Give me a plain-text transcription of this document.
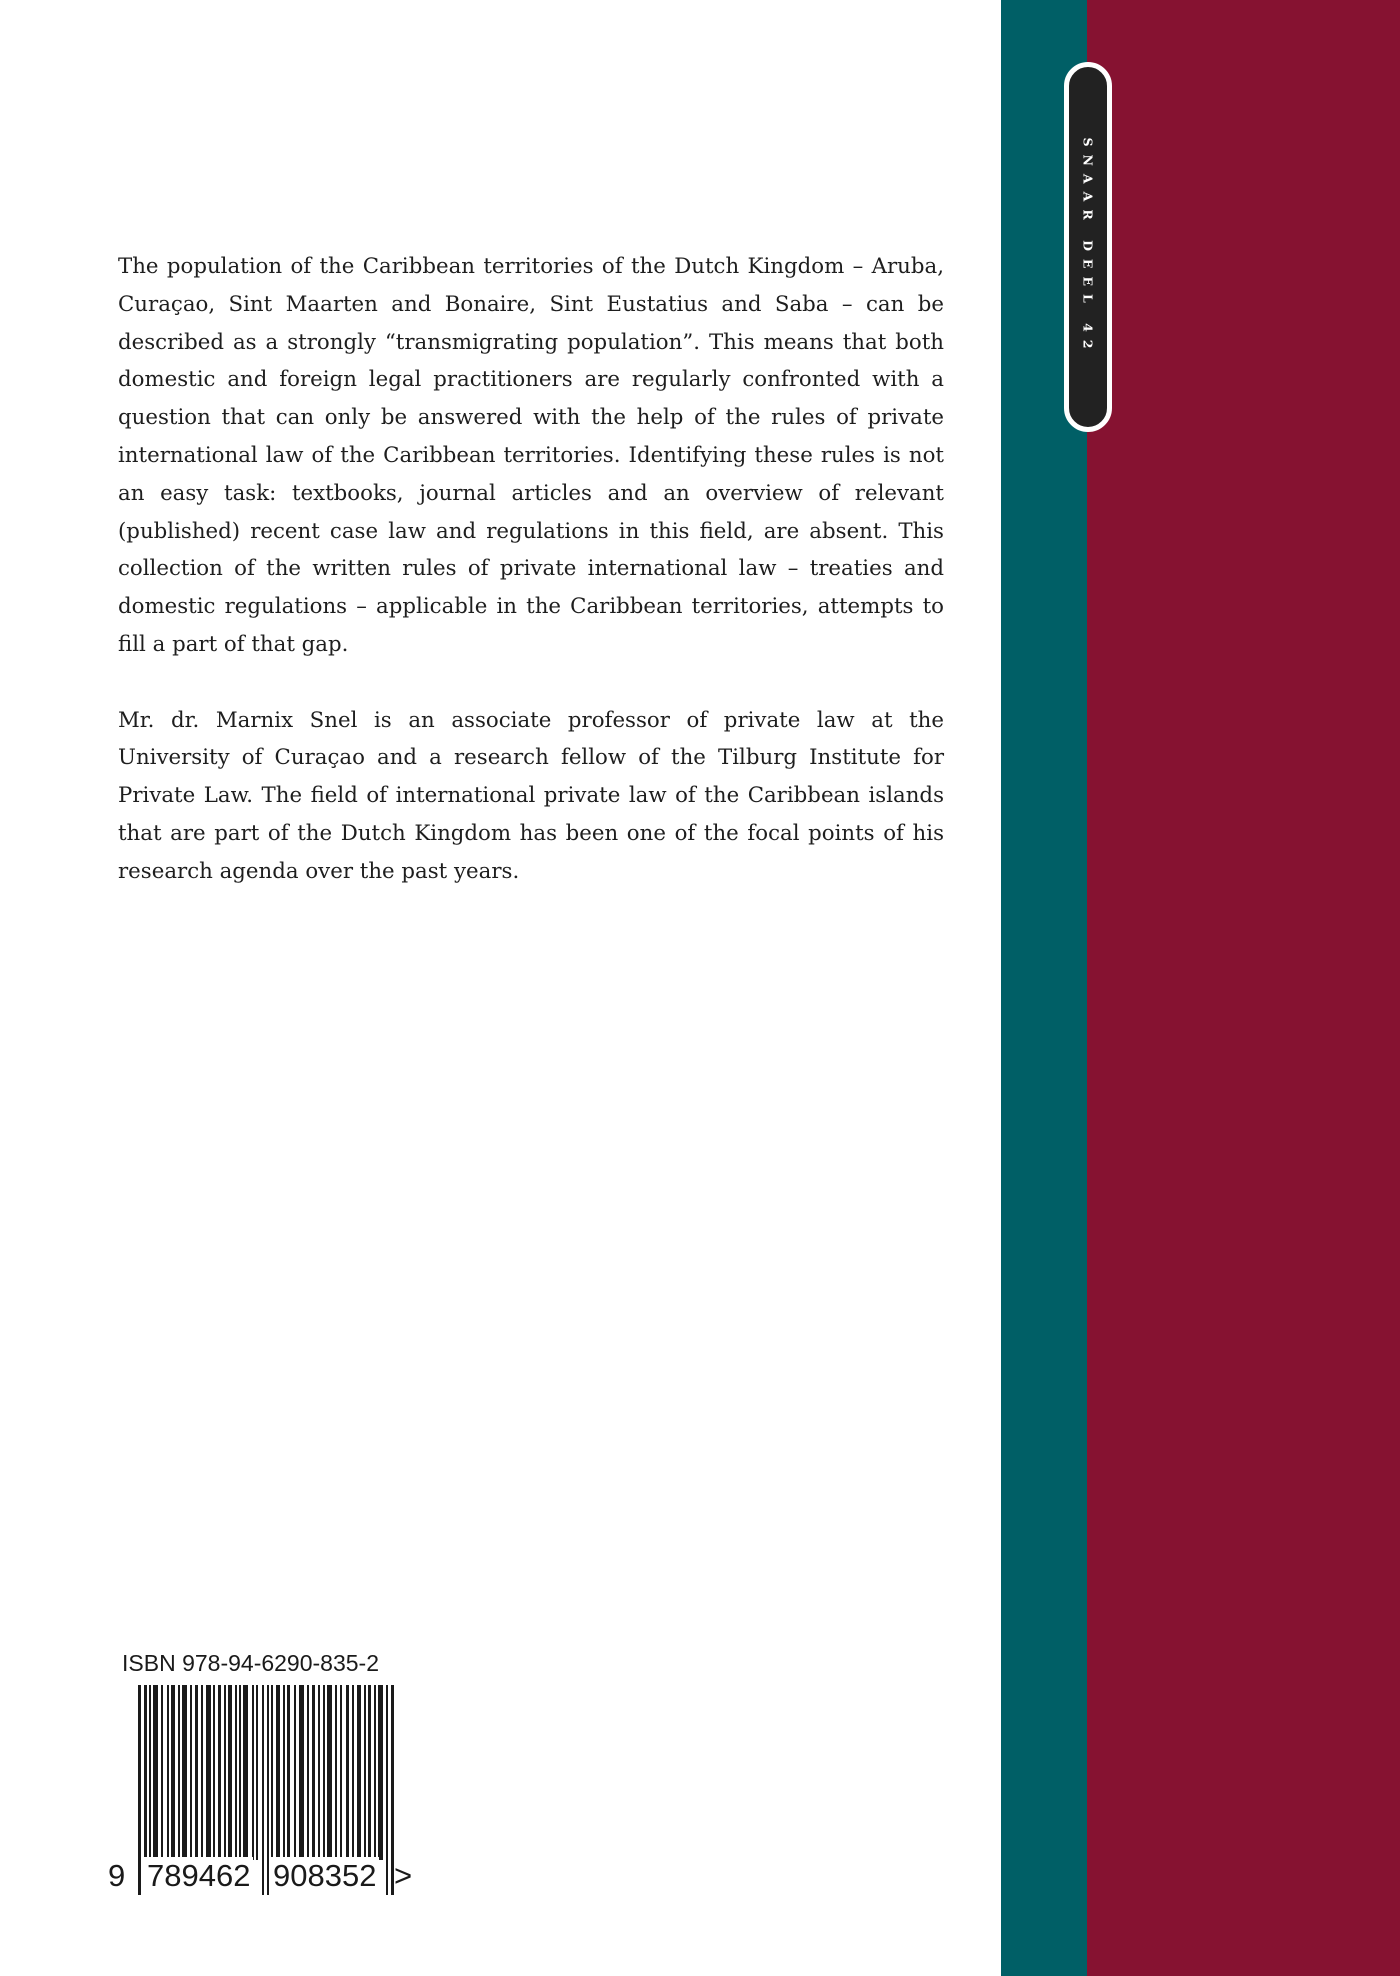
SNAAR DEEL 42

The population of the Caribbean territories of the Dutch Kingdom – Aruba, Curaçao, Sint Maarten and Bonaire, Sint Eustatius and Saba – can be described as a strongly “transmigrating population”. This means that both domestic and foreign legal practitioners are regularly confronted with a question that can only be answered with the help of the rules of private international law of the Caribbean territories. Identifying these rules is not an easy task: textbooks, journal articles and an overview of relevant (published) recent case law and regulations in this field, are absent. This collection of the written rules of private international law – treaties and domestic regulations – applicable in the Caribbean territories, attempts to fill a part of that gap.

Mr. dr. Marnix Snel is an associate professor of private law at the University of Curaçao and a research fellow of the Tilburg Institute for Private Law. The field of international private law of the Caribbean islands that are part of the Dutch Kingdom has been one of the focal points of his research agenda over the past years.

ISBN 978-94-6290-835-2
9 789462 908352 >
